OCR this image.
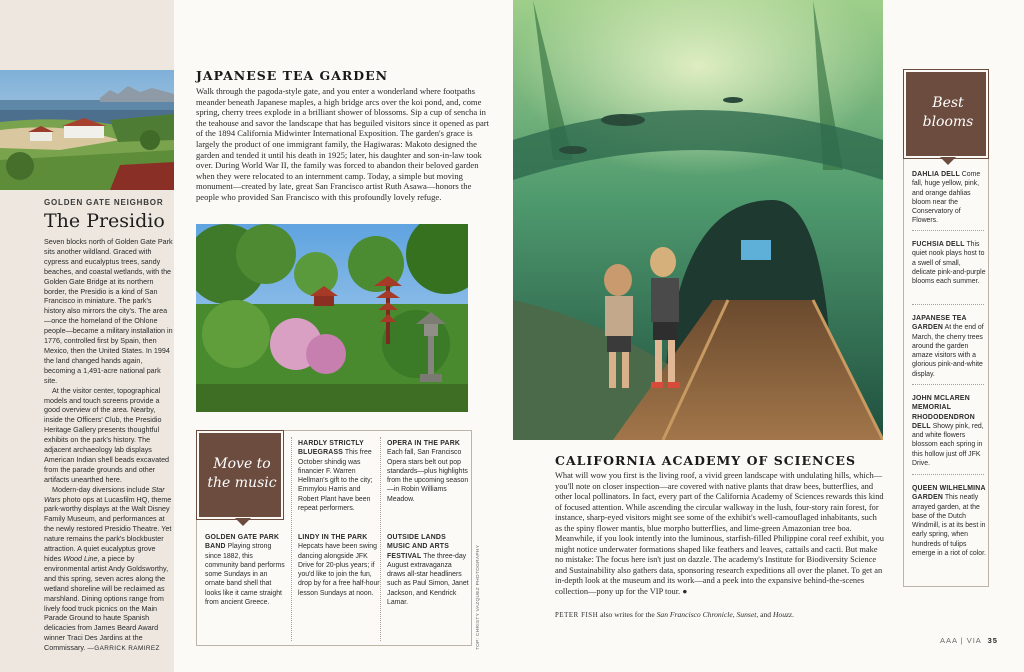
GOLDEN GATE NEIGHBOR
The Presidio

Seven blocks north of Golden Gate Park sits another wildland. Graced with cypress and eucalyptus trees, sandy beaches, and coastal wetlands, with the Golden Gate Bridge at its northern border, the Presidio is a kind of San Francisco in miniature. The park's history also mirrors the city's. The area—once the homeland of the Ohlone people—became a military installation in 1776, controlled first by Spain, then Mexico, then the United States. In 1994 the land changed hands again, becoming a 1,491-acre national park site.

At the visitor center, topographical models and touch screens provide a good overview of the area. Nearby, inside the Officers' Club, the Presidio Heritage Gallery presents thoughtful exhibits on the park's history. The adjacent archaeology lab displays American Indian shell beads excavated from the parade grounds and other artifacts unearthed here.

Modern-day diversions include Star Wars photo ops at Lucasfilm HQ, theme park-worthy displays at the Walt Disney Family Museum, and performances at the newly restored Presidio Theatre. Yet nature remains the park's blockbuster attraction. A quiet eucalyptus grove hides Wood Line, a piece by environmental artist Andy Goldsworthy, and this spring, seven acres along the wetland shoreline will be reclaimed as marshland. Dining options range from lively food truck picnics on the Main Parade Ground to haute Spanish delicacies from James Beard Award winner Traci Des Jardins at the Commissary. —GARRICK RAMIREZ

JAPANESE TEA GARDEN
Walk through the pagoda-style gate, and you enter a wonderland where footpaths meander beneath Japanese maples, a high bridge arcs over the koi pond, and, come spring, cherry trees explode in a brilliant shower of blossoms. Sip a cup of sencha in the teahouse and savor the landscape that has beguiled visitors since it opened as part of the 1894 California Midwinter International Exposition. The garden's grace is largely the product of one immigrant family, the Hagiwaras: Makoto designed the garden and tended it until his death in 1925; later, his daughter and son-in-law took over. During World War II, the family was forced to abandon their beloved garden when they were relocated to an internment camp. Today, a simple but moving monument—created by late, great San Francisco artist Ruth Asawa—honors the people who provided San Francisco with this profoundly lovely refuge.
Move to
the music
HARDLY STRICTLY BLUEGRASS This free October shindig was financier F. Warren Hellman's gift to the city; Emmylou Harris and Robert Plant have been repeat performers.
OPERA IN THE PARK Each fall, San Francisco Opera stars belt out pop standards—plus highlights from the upcoming season—in Robin Williams Meadow.
GOLDEN GATE PARK BAND Playing strong since 1882, this community band performs some Sundays in an ornate band shell that looks like it came straight from ancient Greece.
LINDY IN THE PARK Hepcats have been swing dancing alongside JFK Drive for 20-plus years; if you'd like to join the fun, drop by for a free half-hour lesson Sundays at noon.
OUTSIDE LANDS MUSIC AND ARTS FESTIVAL The three-day August extravaganza draws all-star headliners such as Paul Simon, Janet Jackson, and Kendrick Lamar.	TOP: CHRISTY VAZQUEZ PHOTOGRAPHY
CALIFORNIA ACADEMY OF SCIENCES
What will wow you first is the living roof, a vivid green landscape with undulating hills, which—you'll note on closer inspection—are covered with native plants that draw bees, butterflies, and other local pollinators. In fact, every part of the California Academy of Sciences rewards this kind of focused attention. While ascending the circular walkway in the lush, four-story rain forest, for instance, sharp-eyed visitors might see some of the exhibit's well-camouflaged inhabitants, such as the spiny flower mantis, blue morpho butterflies, and lime-green Amazonian tree boa. Meanwhile, if you look intently into the luminous, starfish-filled Philippine coral reef exhibit, you might notice underwater formations shaped like feathers and leaves, cattails and cacti. But make no mistake: The focus here isn't just on dazzle. The academy's Institute for Biodiversity Science and Sustainability also gathers data, sponsoring research expeditions all over the planet. To get an in-depth look at the museum and its work—and a peek into the expansive behind-the-scenes collection—pony up for the VIP tour. ●
PETER FISH also writes for the San Francisco Chronicle, Sunset, and Houzz.
Best
blooms
DAHLIA DELL Come fall, huge yellow, pink, and orange dahlias bloom near the Conservatory of Flowers.
FUCHSIA DELL This quiet nook plays host to a swell of small, delicate pink-and-purple blooms each summer.
JAPANESE TEA GARDEN At the end of March, the cherry trees around the garden amaze visitors with a glorious pink-and-white display.
JOHN MCLAREN MEMORIAL RHODODENDRON DELL Showy pink, red, and white flowers blossom each spring in this hollow just off JFK Drive.
QUEEN WILHELMINA GARDEN This neatly arrayed garden, at the base of the Dutch Windmill, is at its best in early spring, when hundreds of tulips emerge in a riot of color.
AAA | VIA 35
